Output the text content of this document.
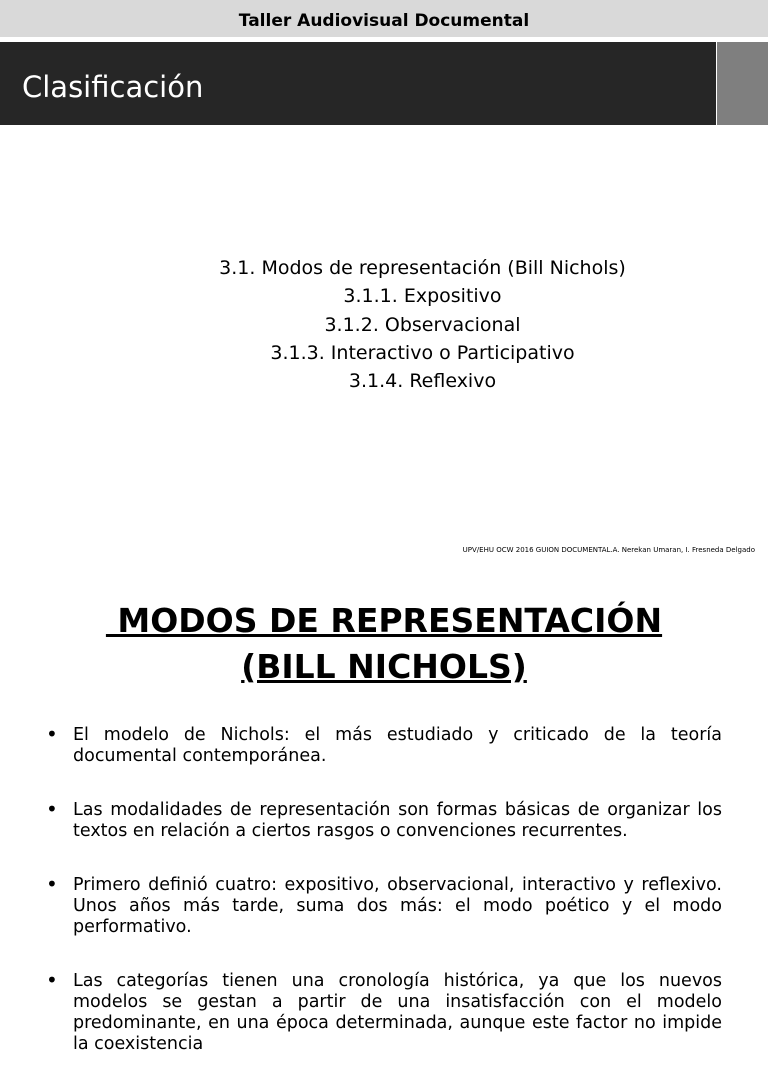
Taller Audiovisual Documental
Clasificación
3.1. Modos de representación (Bill Nichols)
3.1.1. Expositivo
3.1.2. Observacional
3.1.3. Interactivo o Participativo
3.1.4. Reflexivo
UPV/EHU OCW 2016 GUION DOCUMENTAL.A. Nerekan Umaran, I. Fresneda Delgado
MODOS DE REPRESENTACIÓN
(BILL NICHOLS)
• El modelo de Nichols: el más estudiado y criticado de la teoría documental contemporánea.
• Las modalidades de representación son formas básicas de organizar los textos en relación a ciertos rasgos o convenciones recurrentes.
• Primero definió cuatro: expositivo, observacional, interactivo y reflexivo. Unos años más tarde, suma dos más: el modo poético y el modo performativo.
• Las categorías tienen una cronología histórica, ya que los nuevos modelos se gestan a partir de una insatisfacción con el modelo predominante, en una época determinada, aunque este factor no impide la coexistencia
